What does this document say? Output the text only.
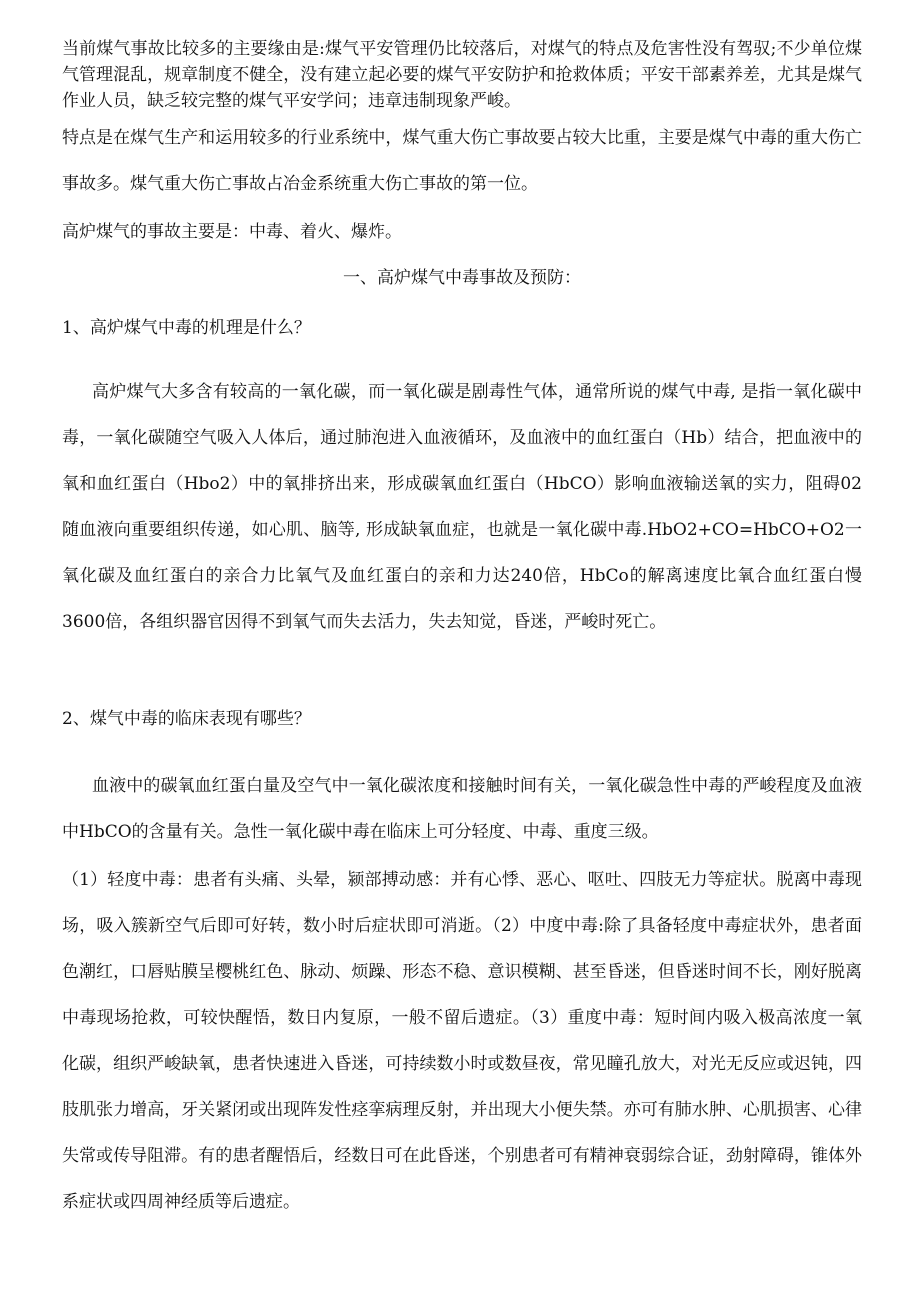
当前煤气事故比较多的主要缘由是:煤气平安管理仍比较落后，对煤气的特点及危害性没有驾驭;不少单位煤气管理混乱，规章制度不健全，没有建立起必要的煤气平安防护和抢救体质；平安干部素养差，尤其是煤气作业人员，缺乏较完整的煤气平安学问；违章违制现象严峻。

特点是在煤气生产和运用较多的行业系统中，煤气重大伤亡事故要占较大比重，主要是煤气中毒的重大伤亡事故多。煤气重大伤亡事故占冶金系统重大伤亡事故的第一位。

高炉煤气的事故主要是：中毒、着火、爆炸。

一、高炉煤气中毒事故及预防：

1、高炉煤气中毒的机理是什么？

高炉煤气大多含有较高的一氧化碳，而一氧化碳是剧毒性气体，通常所说的煤气中毒, 是指一氧化碳中毒，一氧化碳随空气吸入人体后，通过肺泡进入血液循环，及血液中的血红蛋白（Hb）结合，把血液中的氧和血红蛋白（Hbo2）中的氧排挤出来，形成碳氧血红蛋白（HbCO）影响血液输送氧的实力，阻碍02随血液向重要组织传递，如心肌、脑等, 形成缺氧血症，也就是一氧化碳中毒.HbO2+CO=HbCO+O2一氧化碳及血红蛋白的亲合力比氧气及血红蛋白的亲和力达240倍，HbCo的解离速度比氧合血红蛋白慢3600倍，各组织器官因得不到氧气而失去活力，失去知觉，昏迷，严峻时死亡。

2、煤气中毒的临床表现有哪些？

血液中的碳氧血红蛋白量及空气中一氧化碳浓度和接触时间有关，一氧化碳急性中毒的严峻程度及血液中HbCO的含量有关。急性一氧化碳中毒在临床上可分轻度、中毒、重度三级。

（1）轻度中毒：患者有头痛、头晕，颍部搏动感：并有心悸、恶心、呕吐、四肢无力等症状。脱离中毒现场，吸入簇新空气后即可好转，数小时后症状即可消逝。（2）中度中毒:除了具备轻度中毒症状外，患者面色潮红，口唇贴膜呈樱桃红色、脉动、烦躁、形态不稳、意识模糊、甚至昏迷，但昏迷时间不长，刚好脱离中毒现场抢救，可较快醒悟，数日内复原，一般不留后遗症。（3）重度中毒：短时间内吸入极高浓度一氧化碳，组织严峻缺氧，患者快速进入昏迷，可持续数小时或数昼夜，常见瞳孔放大，对光无反应或迟钝，四肢肌张力增高，牙关紧闭或出现阵发性痉挛病理反射，并出现大小便失禁。亦可有肺水肿、心肌损害、心律失常或传导阻滞。有的患者醒悟后，经数日可在此昏迷，个别患者可有精神衰弱综合证，劲射障碍，锥体外系症状或四周神经质等后遗症。
